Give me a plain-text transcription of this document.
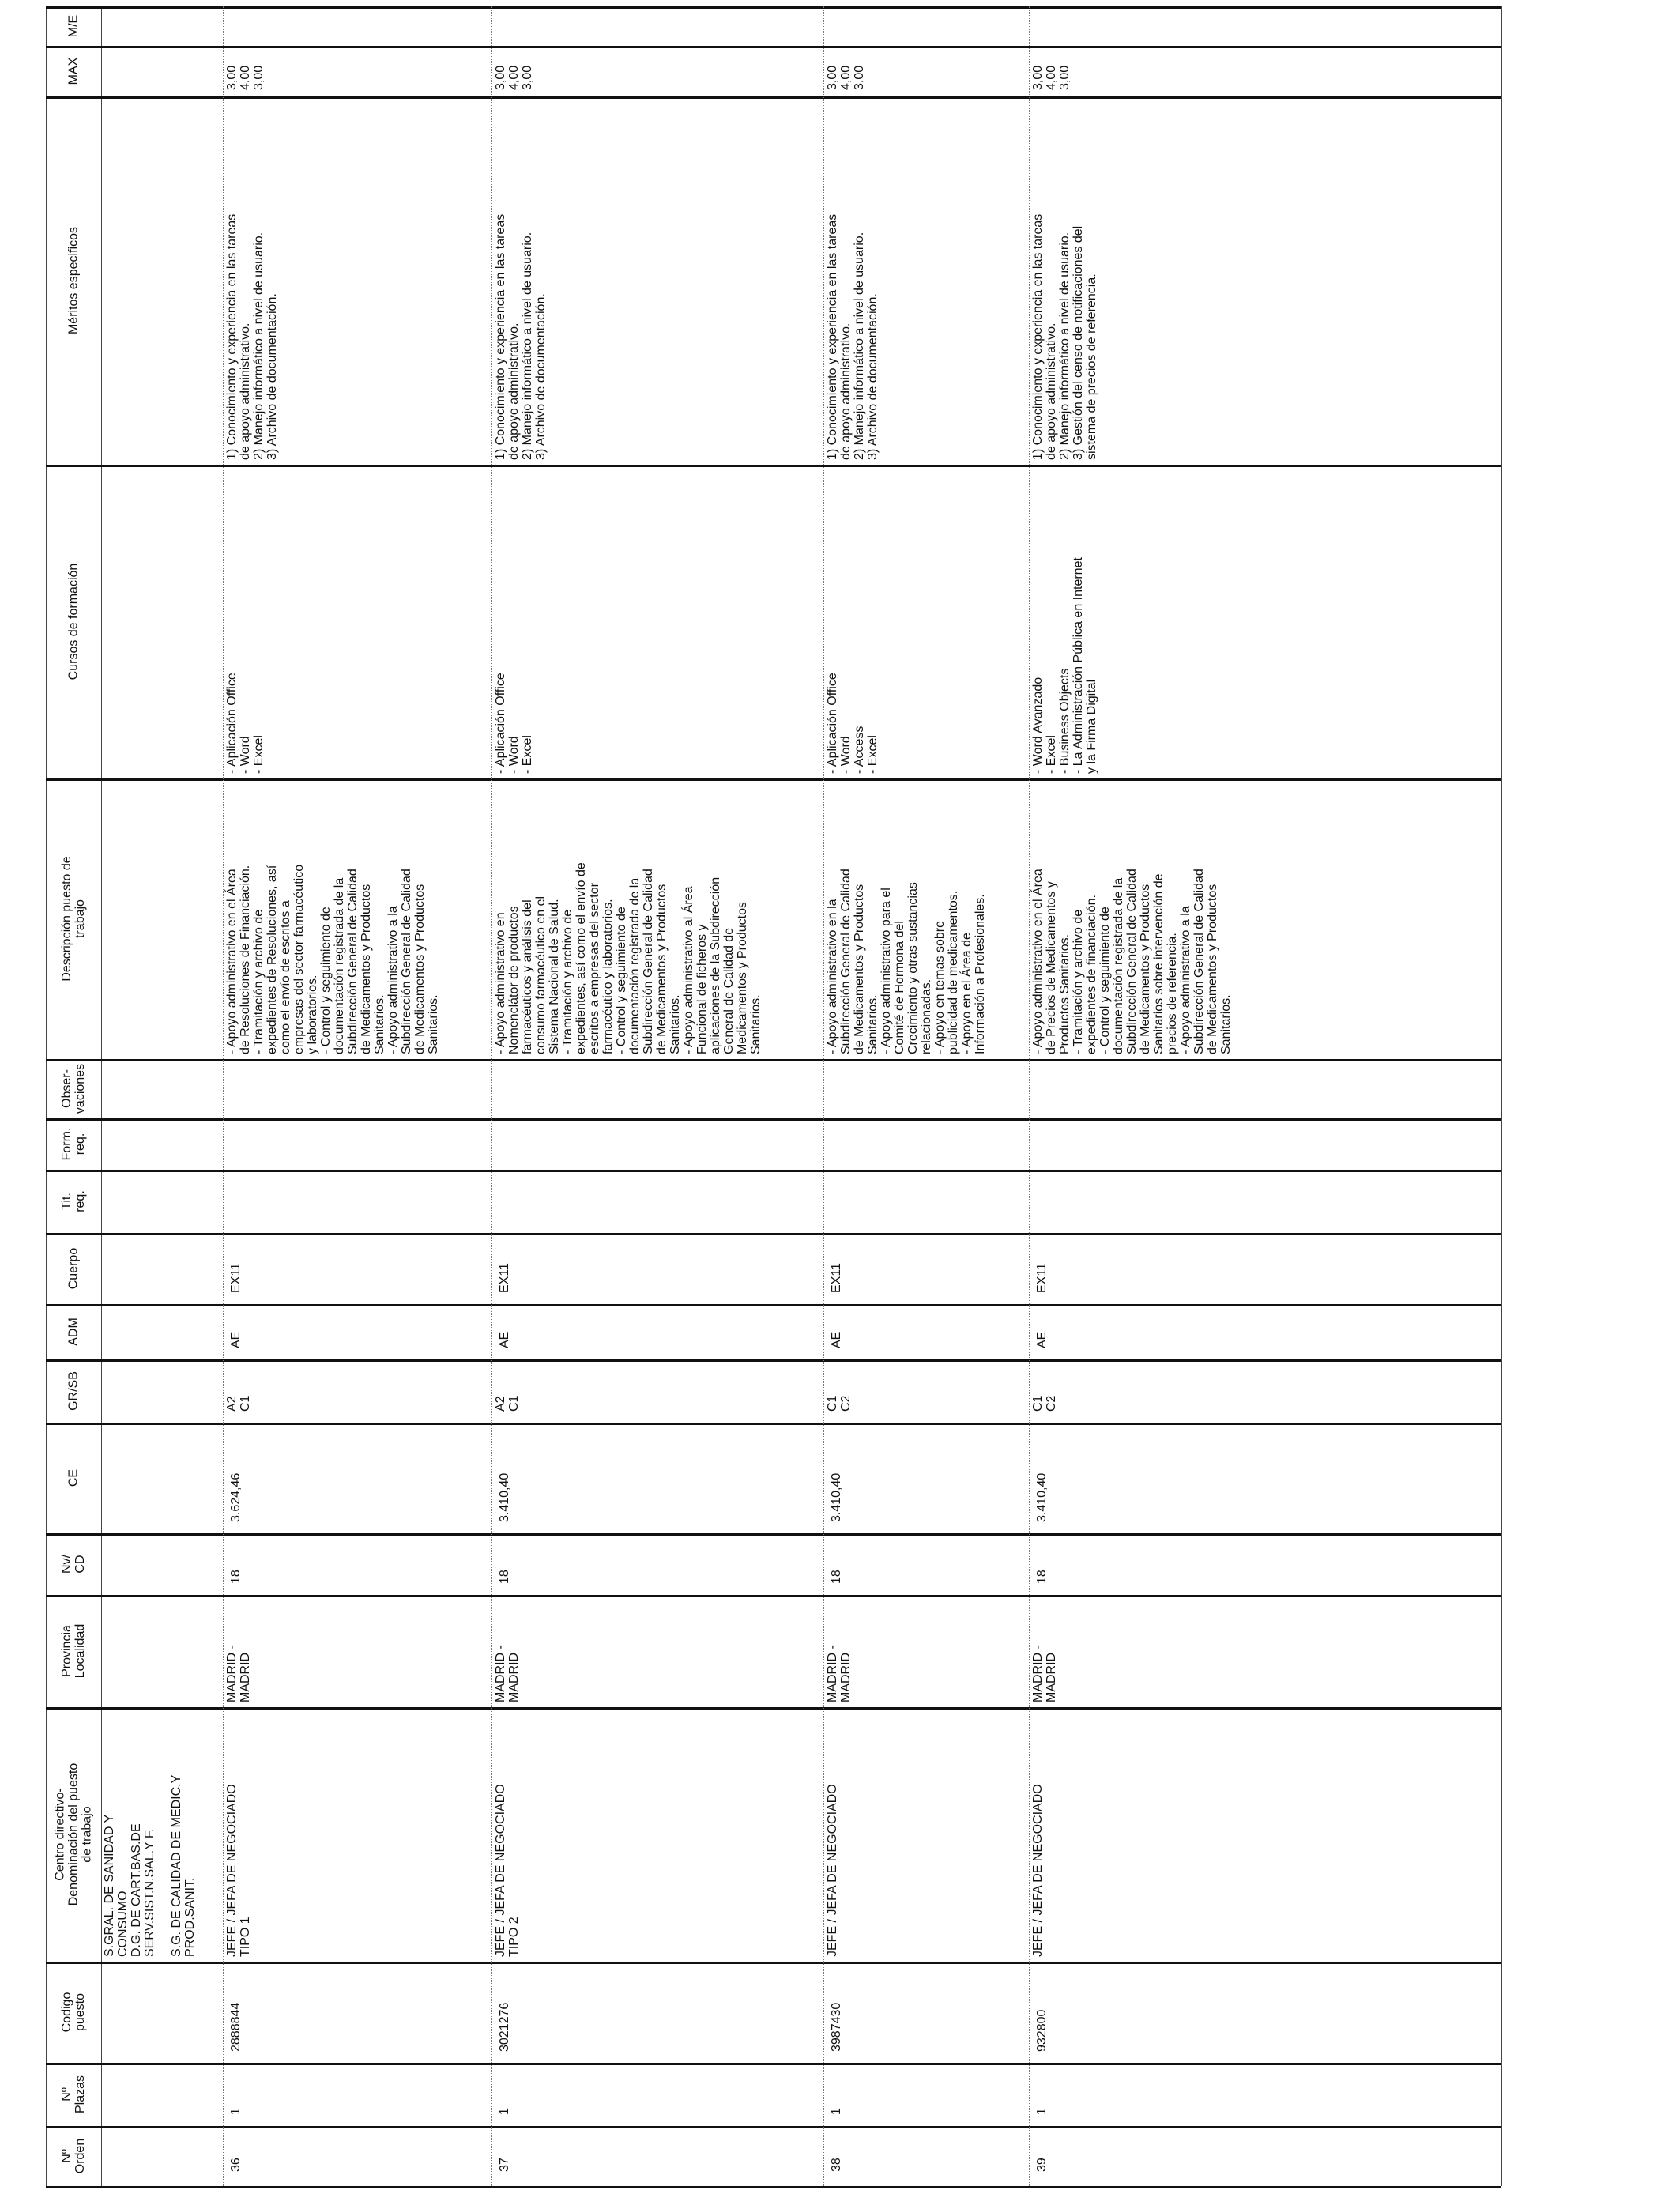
Nº Orden
Nº Plazas
Codigo puesto
Centro directivo- Denominación del puesto de trabajo
Provincia Localidad
Nv/ CD
CE
GR/SB
ADM
Cuerpo
Tit. req.
Form. req.
Obser- vaciones
Descripción puesto de trabajo
Cursos de formación
Méritos especificos
MAX
M/E
S.GRAL. DE SANIDAD Y CONSUMO D.G. DE CART.BAS.DE SERV.SIST.N.SAL.Y F.
S.G. DE CALIDAD DE MEDIC.Y PROD.SANIT.
36
1
2888844
JEFE / JEFA DE NEGOCIADO TIPO 1
MADRID - MADRID
18
3.624,46
A2 C1
AE
EX11
- Apoyo administrativo en el Área de Resoluciones de Financiación. - Tramitación y archivo de expedientes de Resoluciones, así como el envío de escritos a empresas del sector farmacéutico y laboratorios. - Control y seguimiento de documentación registrada de la Subdirección General de Calidad de Medicamentos y Productos Sanitarios. - Apoyo administrativo a la Subdirección General de Calidad de Medicamentos y Productos Sanitarios.
- Aplicación Office - Word - Excel
1) Conocimiento y experiencia en las tareas de apoyo administrativo. 2) Manejo informático a nivel de usuario. 3) Archivo de documentación.
3,00 4,00 3,00
37
1
3021276
JEFE / JEFA DE NEGOCIADO TIPO 2
MADRID - MADRID
18
3.410,40
A2 C1
AE
EX11
- Apoyo administrativo en Nomenclátor de productos farmacéuticos y análisis del consumo farmacéutico en el Sistema Nacional de Salud. - Tramitación y archivo de expedientes, así como el envío de escritos a empresas del sector farmacéutico y laboratorios. - Control y seguimiento de documentación registrada de la Subdirección General de Calidad de Medicamentos y Productos Sanitarios. - Apoyo administrativo al Área Funcional de ficheros y aplicaciones de la Subdirección General de Calidad de Medicamentos y Productos Sanitarios.
- Aplicación Office - Word - Excel
1) Conocimiento y experiencia en las tareas de apoyo administrativo. 2) Manejo informático a nivel de usuario. 3) Archivo de documentación.
3,00 4,00 3,00
38
1
3987430
JEFE / JEFA DE NEGOCIADO
MADRID - MADRID
18
3.410,40
C1 C2
AE
EX11
- Apoyo administrativo en la Subdirección General de Calidad de Medicamentos y Productos Sanitarios. - Apoyo administrativo para el Comité de Hormona del Crecimiento y otras sustancias relacionadas. - Apoyo en temas sobre publicidad de medicamentos. - Apoyo en el Área de Información a Profesionales.
- Aplicación Office - Word - Access - Excel
1) Conocimiento y experiencia en las tareas de apoyo administrativo. 2) Manejo informático a nivel de usuario. 3) Archivo de documentación.
3,00 4,00 3,00
39
1
932800
JEFE / JEFA DE NEGOCIADO
MADRID - MADRID
18
3.410,40
C1 C2
AE
EX11
- Apoyo administrativo en el Área de Precios de Medicamentos y Productos Sanitarios. - Tramitación y archivo de expedientes de financiación. - Control y seguimiento de documentación registrada de la Subdirección General de Calidad de Medicamentos y Productos Sanitarios sobre intervención de precios de referencia. - Apoyo administrativo a la Subdirección General de Calidad de Medicamentos y Productos Sanitarios.
- Word Avanzado - Excel - Business Objects - La Administración Pública en Internet y la Firma Digital
1) Conocimiento y experiencia en las tareas de apoyo administrativo. 2) Manejo informático a nivel de usuario. 3) Gestión del censo de notificaciones del sistema de precios de referencia.
3,00 4,00 3,00
